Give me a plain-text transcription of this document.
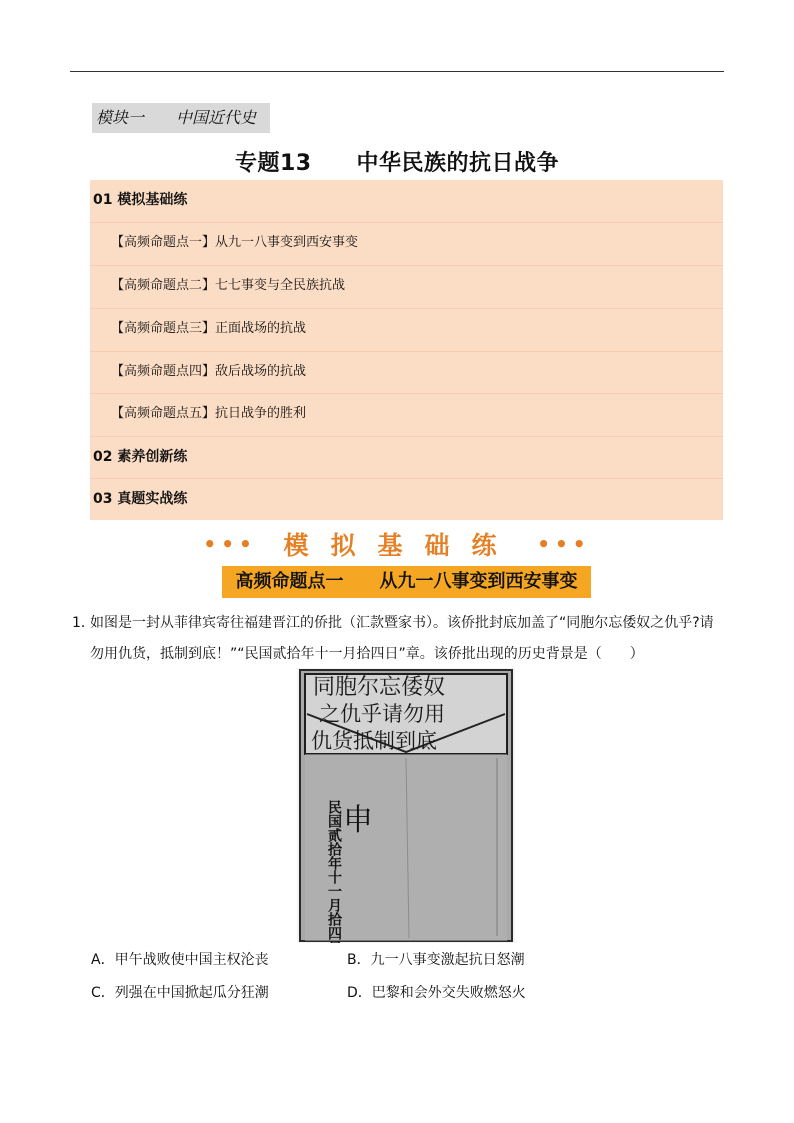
模块一　　中国近代史
专题13　　中华民族的抗日战争
01 模拟基础练
【高频命题点一】从九一八事变到西安事变
【高频命题点二】七七事变与全民族抗战
【高频命题点三】正面战场的抗战
【高频命题点四】敌后战场的抗战
【高频命题点五】抗日战争的胜利
02 素养创新练
03 真题实战练
••• 模拟基础练 •••
高频命题点一　　从九一八事变到西安事变
1．
如图是一封从菲律宾寄往福建晋江的侨批（汇款暨家书）。该侨批封底加盖了“同胞尔忘倭奴之仇乎?请勿用仇货，抵制到底！”“民国贰拾年十一月拾四日”章。该侨批出现的历史背景是（　　）
同胞尔忘倭奴
之仇乎请勿用
仇货抵制到底
申
民国贰拾年十一月拾四日
A．甲午战败使中国主权沦丧	B．九一八事变激起抗日怒潮
C．列强在中国掀起瓜分狂潮	D．巴黎和会外交失败燃怒火
